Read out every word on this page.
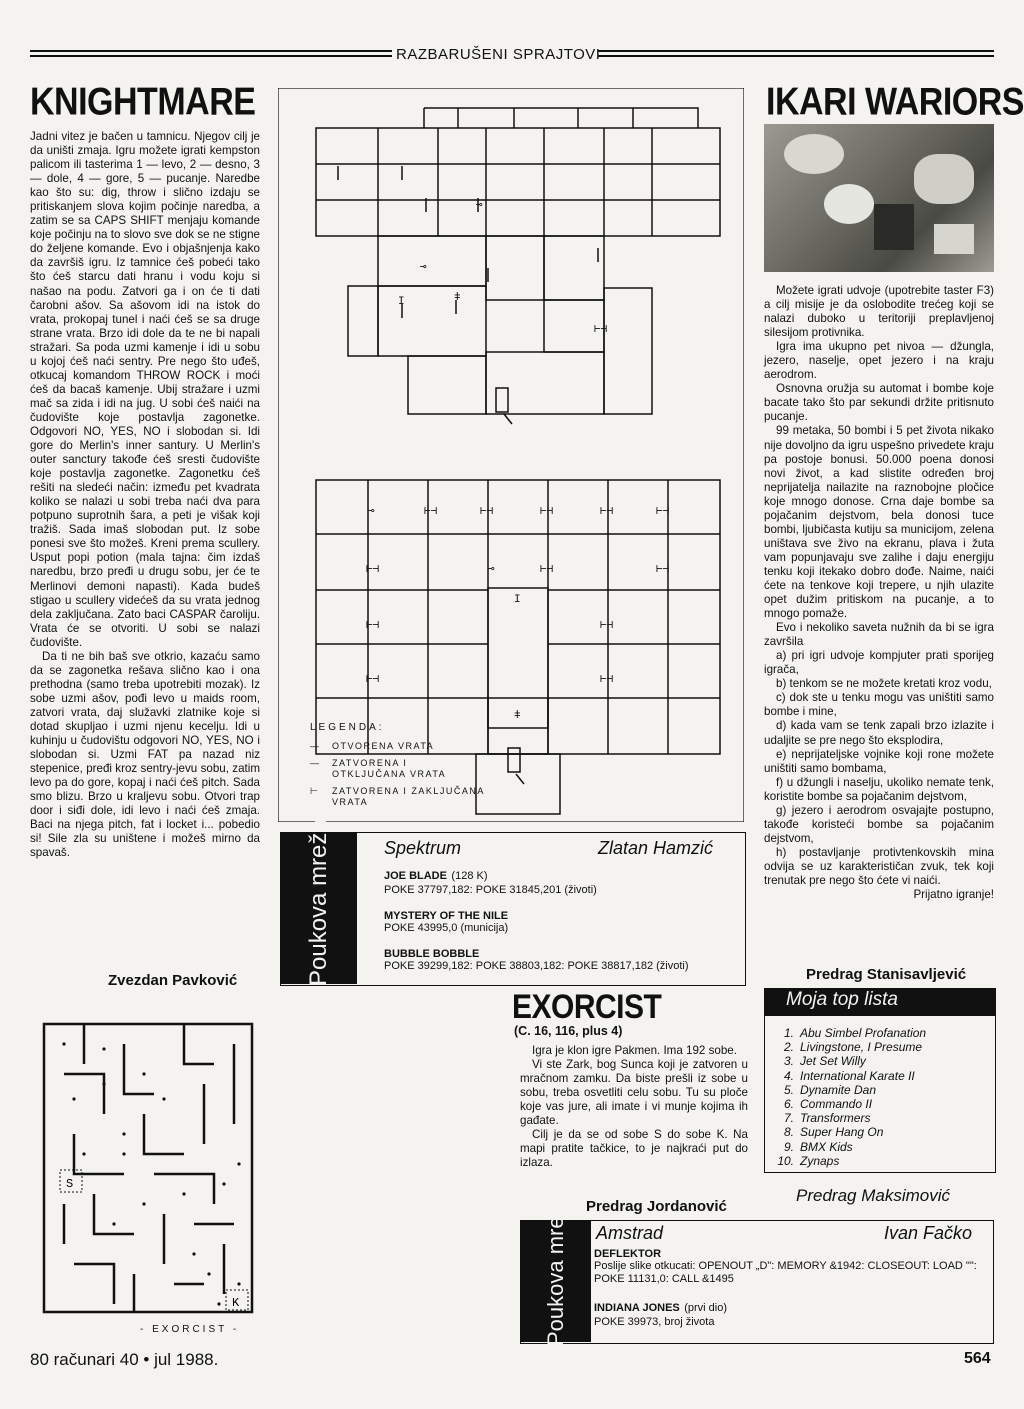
RAZBARUŠENI SPRAJTOVI
KNIGHTMARE

Jadni vitez je bačen u tamnicu. Njegov cilj je da uništi zmaja. Igru možete igrati kempston palicom ili tasterima 1 — levo, 2 — desno, 3 — dole, 4 — gore, 5 — pucanje. Naredbe kao što su: dig, throw i slično izdaju se pritiskanjem slova kojim počinje naredba, a zatim se sa CAPS SHIFT menjaju komande koje počinju na to slovo sve dok se ne stigne do željene komande. Evo i objašnjenja kako da završiš igru. Iz tamnice ćeš pobeći tako što ćeš starcu dati hranu i vodu koju si našao na podu. Zatvori ga i on će ti dati čarobni ašov. Sa ašovom idi na istok do vrata, prokopaj tunel i naći ćeš se sa druge strane vrata. Brzo idi dole da te ne bi napali stražari. Sa poda uzmi kamenje i idi u sobu u kojoj ćeš naći sentry. Pre nego što uđeš, otkucaj komandom THROW ROCK i moći ćeš da bacaš kamenje. Ubij stražare i uzmi mač sa zida i idi na jug. U sobi ćeš naići na čudovište koje postavlja zagonetke. Odgovori NO, YES, NO i slobodan si. Idi gore do Merlin's inner santury. U Merlin's outer sanctury takođe ćeš sresti čudovište koje postavlja zagonetke. Zagonetku ćeš rešiti na sledeći način: između pet kvadrata koliko se nalazi u sobi treba naći dva para potpuno suprotnih šara, a peti je višak koji tražiš. Sada imaš slobodan put. Iz sobe ponesi sve što možeš. Kreni prema scullery. Usput popi potion (mala tajna: čim izdaš naredbu, brzo pređi u drugu sobu, jer će te Merlinovi demoni napasti). Kada budeš stigao u scullery videćeš da su vrata jednog dela zaključana. Zato baci CASPAR čaroliju. Vrata će se otvoriti. U sobi se nalazi čudovište.

Da ti ne bih baš sve otkrio, kazaću samo da se zagonetka rešava slično kao i ona prethodna (samo treba upotrebiti mozak). Iz sobe uzmi ašov, pođi levo u maids room, zatvori vrata, daj služavki zlatnike koje si dotad skupljao i uzmi njenu kecelju. Idi u kuhinju u čudovištu odgovori NO, YES, NO i slobodan si. Uzmi FAT pa nazad niz stepenice, pređi kroz sentry-jevu sobu, zatim levo pa do gore, kopaj i naći ćeš pitch. Sada smo blizu. Brzo u kraljevu sobu. Otvori trap door i siđi dole, idi levo i naći ćeš zmaja. Baci na njega pitch, fat i locket i... pobedio si! Sile zla su uništene i možeš mirno da spavaš.

Zvezdan Pavković
⊸
⊸
ǂ
⊢⊣
I
⊸	⊢⊣	⊢⊣	⊢⊣	⊢⊣	⊢⊣
⊢⊣	⊸	⊢⊣
⊢⊣
I
⊢⊣
⊢⊣
⊢⊣	⊢⊣
ǂ
LEGENDA:
—	OTVORENA VRATA
—	ZATVORENA I OTKLJUČANA VRATA
⊢	ZATVORENA I ZAKLJUČANA VRATA
IKARI WARIORS

Možete igrati udvoje (upotrebite taster F3) a cilj misije je da oslobodite trećeg koji se nalazi duboko u teritoriji preplavljenoj silesijom protivnika.

Igra ima ukupno pet nivoa — džungla, jezero, naselje, opet jezero i na kraju aerodrom.

Osnovna oružja su automat i bombe koje bacate tako što par sekundi držite pritisnuto pucanje.

99 metaka, 50 bombi i 5 pet života nikako nije dovoljno da igru uspešno privedete kraju pa postoje bonusi. 50.000 poena donosi novi život, a kad slistite određen broj neprijateljа nailazite na raznobojne pločice koje mnogo donose. Crna daje bombe sa pojačanim dejstvom, bela donosi tuce bombi, ljubičasta kutiju sa municijom, zelena uništava sve živo na ekranu, plava i žuta vam popunjavaju sve zalihe i daju energiju tenku koji itekako dobro dođe. Naime, naići ćete na tenkove koji trepere, u njih ulazite opet dužim pritiskom na pucanje, a to mnogo pomaže.

Evo i nekoliko saveta nužnih da bi se igra završila

a) pri igri udvoje kompjuter prati sporijeg igrača,

b) tenkom se ne možete kretati kroz vodu,

c) dok ste u tenku mogu vas uništiti samo bombe i mine,

d) kada vam se tenk zapali brzo izlazite i udaljite se pre nego što eksplodira,

e) neprijateljske vojnike koji rone možete uništiti samo bombama,

f) u džungli i naselju, ukoliko nemate tenk, koristite bombe sa pojačanim dejstvom,

g) jezero i aerodrom osvajajte postupno, takođe koristeći bombe sa pojačanim dejstvom,

h) postavljanje protivtenkovskih mina odvija se uz karakterističan zvuk, tek koji trenutak pre nego što ćete vi naići.

Prijatno igranje!

Predrag Stanisavljević
Poukova mreža	Spektrum	Zlatan Hamzić
JOE BLADE (128 K)
POKE 37797,182: POKE 31845,201 (životi)
MYSTERY OF THE NILE
POKE 43995,0 (municija)
BUBBLE BOBBLE
POKE 39299,182: POKE 38803,182: POKE 38817,182 (životi)
S
K
- EXORCIST -
EXORCIST
(C. 16, 116, plus 4)

Igra je klon igre Pakmen. Ima 192 sobe.

Vi ste Zark, bog Sunca koji je zatvoren u mračnom zamku. Da biste prešli iz sobe u sobu, treba osvetliti celu sobu. Tu su ploče koje vas jure, ali imate i vi munje kojima ih gađate.

Cilj je da se od sobe S do sobe K. Na mapi pratite tačkice, to je najkraći put do izlaza.

Predrag Jordanović
Moja top lista
1. Abu Simbel Profanation
2. Livingstone, I Presume
3. Jet Set Willy
4. International Karate II
5. Dynamite Dan
6. Commando II
7. Transformers
8. Super Hang On
9. BMX Kids
10. Zynaps
Predrag Maksimović
Poukova mreža Amstrad	Ivan Fačko
DEFLEKTOR
Poslije slike otkucati: OPENOUT „D": MEMORY &1942: CLOSEOUT: LOAD "": POKE 11131,0: CALL &1495
INDIANA JONES (prvi dio)
POKE 39973, broj života
80 računari 40 • jul 1988.	564
